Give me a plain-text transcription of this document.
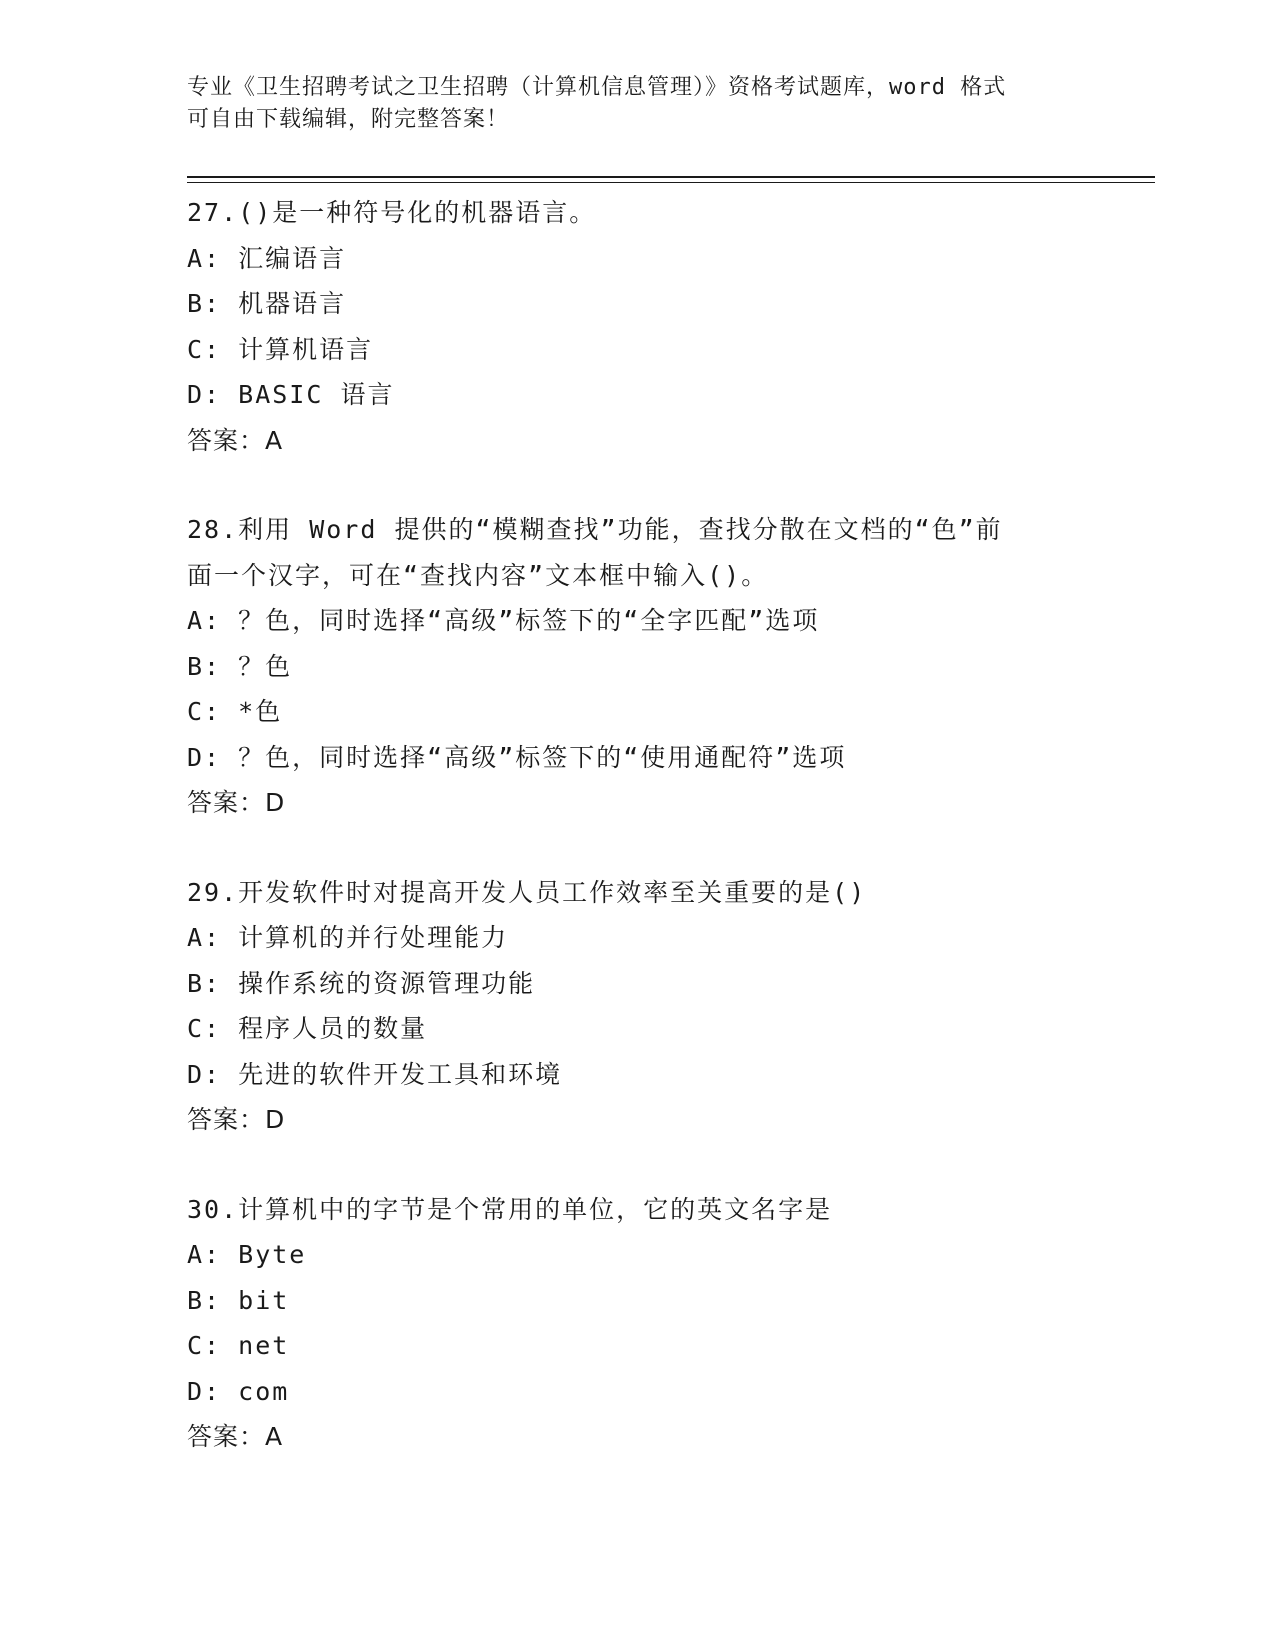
专业《卫生招聘考试之卫生招聘（计算机信息管理）》资格考试题库，word 格式
可自由下载编辑，附完整答案！
27.()是一种符号化的机器语言。
A: 汇编语言
B: 机器语言
C: 计算机语言
D: BASIC 语言
答案：A
28.利用 Word 提供的“模糊查找”功能，查找分散在文档的“色”前
面一个汉字，可在“查找内容”文本框中输入()。
A: ？色，同时选择“高级”标签下的“全字匹配”选项
B: ？色
C: *色
D: ？色，同时选择“高级”标签下的“使用通配符”选项
答案：D
29.开发软件时对提高开发人员工作效率至关重要的是()
A: 计算机的并行处理能力
B: 操作系统的资源管理功能
C: 程序人员的数量
D: 先进的软件开发工具和环境
答案：D
30.计算机中的字节是个常用的单位，它的英文名字是
A: Byte
B: bit
C: net
D: com
答案：A
